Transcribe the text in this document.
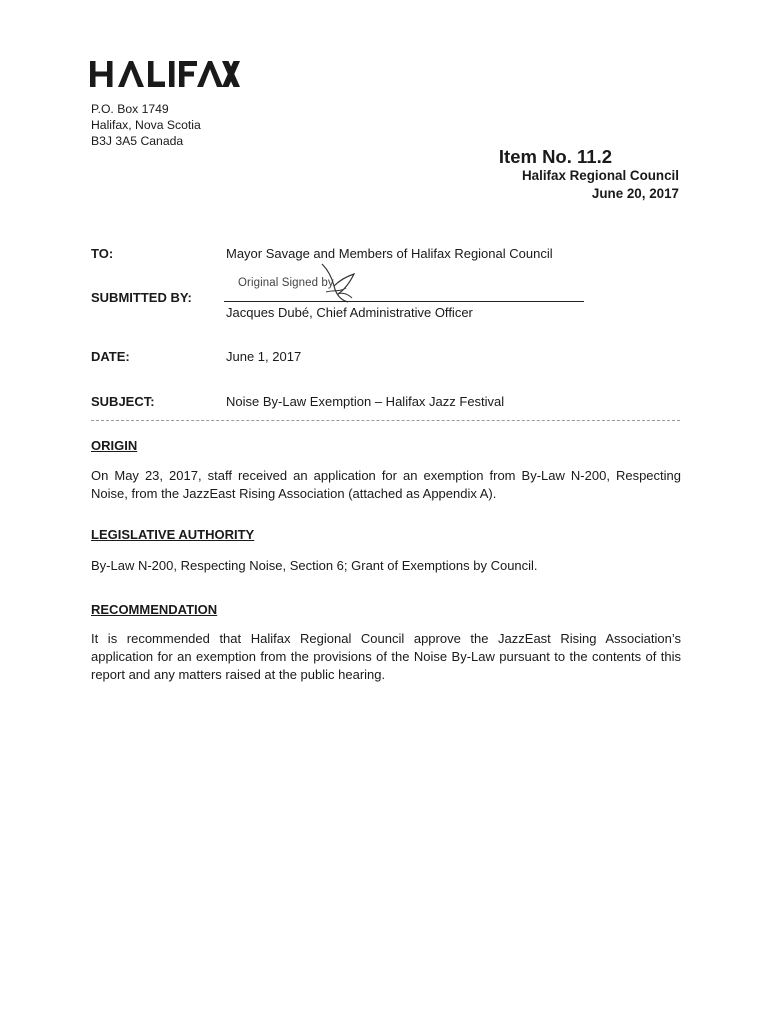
P.O. Box 1749
Halifax, Nova Scotia
B3J 3A5 Canada
Item No. 11.2
Halifax Regional Council
June 20, 2017
TO:	Mayor Savage and Members of Halifax Regional Council
SUBMITTED BY:
Original Signed by
Jacques Dubé, Chief Administrative Officer
DATE:	June 1, 2017
SUBJECT:	Noise By-Law Exemption – Halifax Jazz Festival
ORIGIN
On May 23, 2017, staff received an application for an exemption from By-Law N-200, Respecting Noise, from the JazzEast Rising Association (attached as Appendix A).
LEGISLATIVE AUTHORITY
By-Law N-200, Respecting Noise, Section 6; Grant of Exemptions by Council.
RECOMMENDATION
It is recommended that Halifax Regional Council approve the JazzEast Rising Association’s application for an exemption from the provisions of the Noise By-Law pursuant to the contents of this report and any matters raised at the public hearing.
